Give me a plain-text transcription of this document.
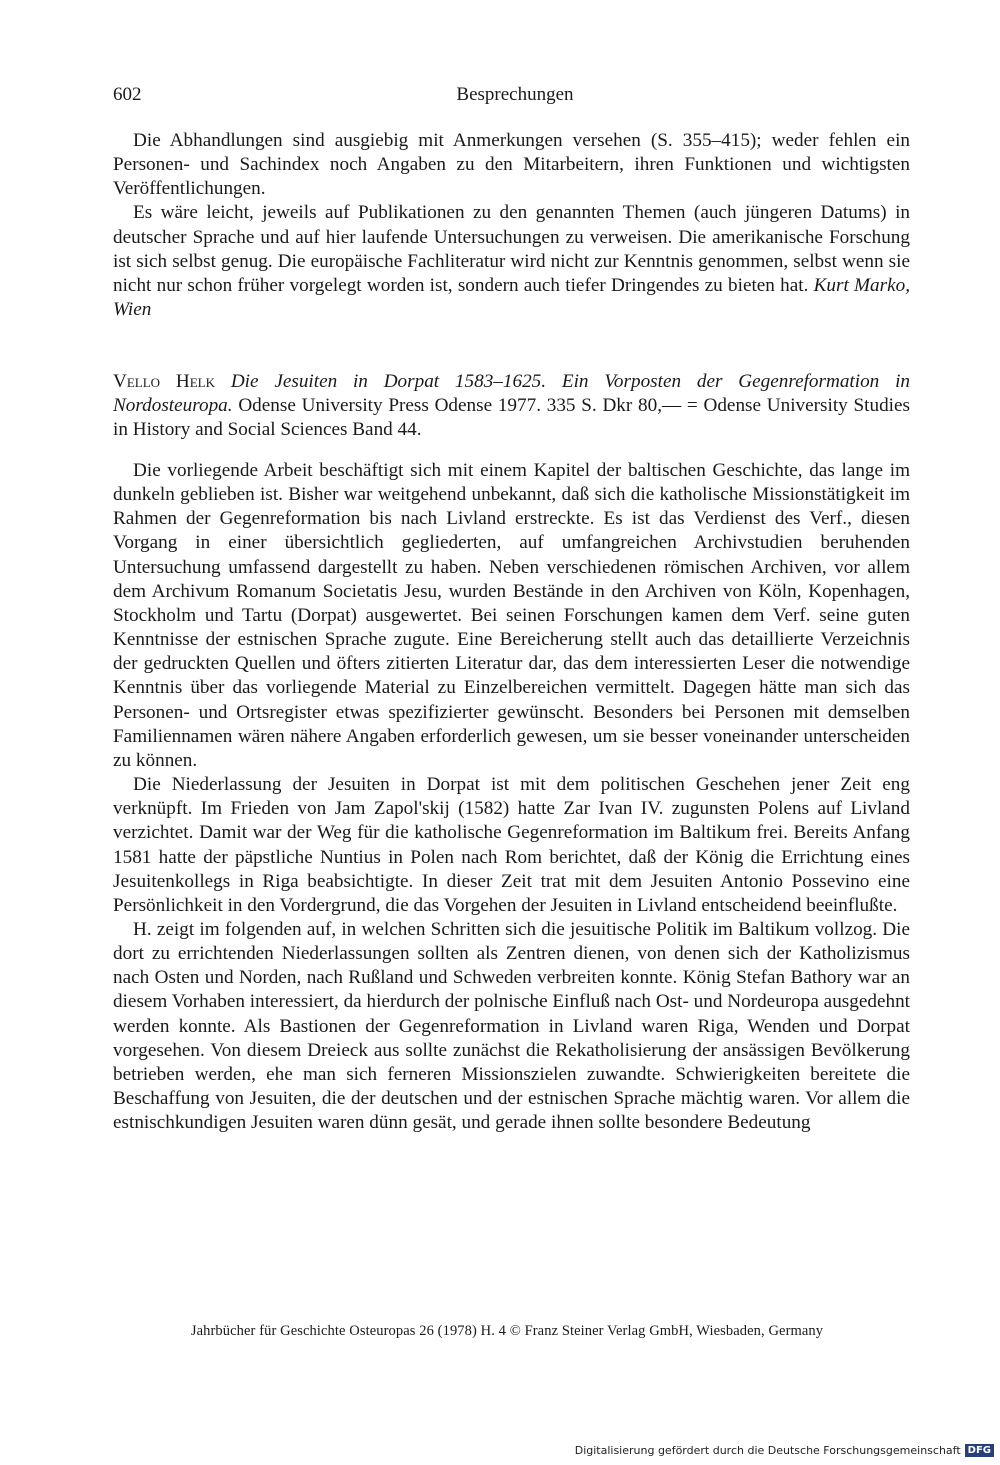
602	Besprechungen

Die Abhandlungen sind ausgiebig mit Anmerkungen versehen (S. 355–415); weder fehlen ein Personen- und Sachindex noch Angaben zu den Mitarbeitern, ihren Funktionen und wichtigsten Veröffentlichungen.

Es wäre leicht, jeweils auf Publikationen zu den genannten Themen (auch jüngeren Datums) in deutscher Sprache und auf hier laufende Untersuchungen zu verweisen. Die amerikanische Forschung ist sich selbst genug. Die europäische Fachliteratur wird nicht zur Kenntnis genommen, selbst wenn sie nicht nur schon früher vorgelegt worden ist, sondern auch tiefer Dringendes zu bieten hat. Kurt Marko, Wien

Vello Helk Die Jesuiten in Dorpat 1583–1625. Ein Vorposten der Gegenreformation in Nordosteuropa. Odense University Press Odense 1977. 335 S. Dkr 80,— = Odense University Studies in History and Social Sciences Band 44.

Die vorliegende Arbeit beschäftigt sich mit einem Kapitel der baltischen Geschichte, das lange im dunkeln geblieben ist. Bisher war weitgehend unbekannt, daß sich die katholische Missionstätigkeit im Rahmen der Gegenreformation bis nach Livland erstreckte. Es ist das Verdienst des Verf., diesen Vorgang in einer übersichtlich gegliederten, auf umfangreichen Archivstudien beruhenden Untersuchung umfassend dargestellt zu haben. Neben verschiedenen römischen Archiven, vor allem dem Archivum Romanum Societatis Jesu, wurden Bestände in den Archiven von Köln, Kopenhagen, Stockholm und Tartu (Dorpat) ausgewertet. Bei seinen Forschungen kamen dem Verf. seine guten Kenntnisse der estnischen Sprache zugute. Eine Bereicherung stellt auch das detaillierte Verzeichnis der gedruckten Quellen und öfters zitierten Literatur dar, das dem interessierten Leser die notwendige Kenntnis über das vorliegende Material zu Einzelbereichen vermittelt. Dagegen hätte man sich das Personen- und Ortsregister etwas spezifizierter gewünscht. Besonders bei Personen mit demselben Familiennamen wären nähere Angaben erforderlich gewesen, um sie besser voneinander unterscheiden zu können.

Die Niederlassung der Jesuiten in Dorpat ist mit dem politischen Geschehen jener Zeit eng verknüpft. Im Frieden von Jam Zapol'skij (1582) hatte Zar Ivan IV. zugunsten Polens auf Livland verzichtet. Damit war der Weg für die katholische Gegenreformation im Baltikum frei. Bereits Anfang 1581 hatte der päpstliche Nuntius in Polen nach Rom berichtet, daß der König die Errichtung eines Jesuitenkollegs in Riga beabsichtigte. In dieser Zeit trat mit dem Jesuiten Antonio Possevino eine Persönlichkeit in den Vordergrund, die das Vorgehen der Jesuiten in Livland entscheidend beeinflußte.

H. zeigt im folgenden auf, in welchen Schritten sich die jesuitische Politik im Baltikum vollzog. Die dort zu errichtenden Niederlassungen sollten als Zentren dienen, von denen sich der Katholizismus nach Osten und Norden, nach Rußland und Schweden verbreiten konnte. König Stefan Bathory war an diesem Vorhaben interessiert, da hierdurch der polnische Einfluß nach Ost- und Nordeuropa ausgedehnt werden konnte. Als Bastionen der Gegenreformation in Livland waren Riga, Wenden und Dorpat vorgesehen. Von diesem Dreieck aus sollte zunächst die Rekatholisierung der ansässigen Bevölkerung betrieben werden, ehe man sich ferneren Missionszielen zuwandte. Schwierigkeiten bereitete die Beschaffung von Jesuiten, die der deutschen und der estnischen Sprache mächtig waren. Vor allem die estnischkundigen Jesuiten waren dünn gesät, und gerade ihnen sollte besondere Bedeutung

Jahrbücher für Geschichte Osteuropas 26 (1978) H. 4 © Franz Steiner Verlag GmbH, Wiesbaden, Germany
Digitalisierung gefördert durch die Deutsche Forschungsgemeinschaft DFG
